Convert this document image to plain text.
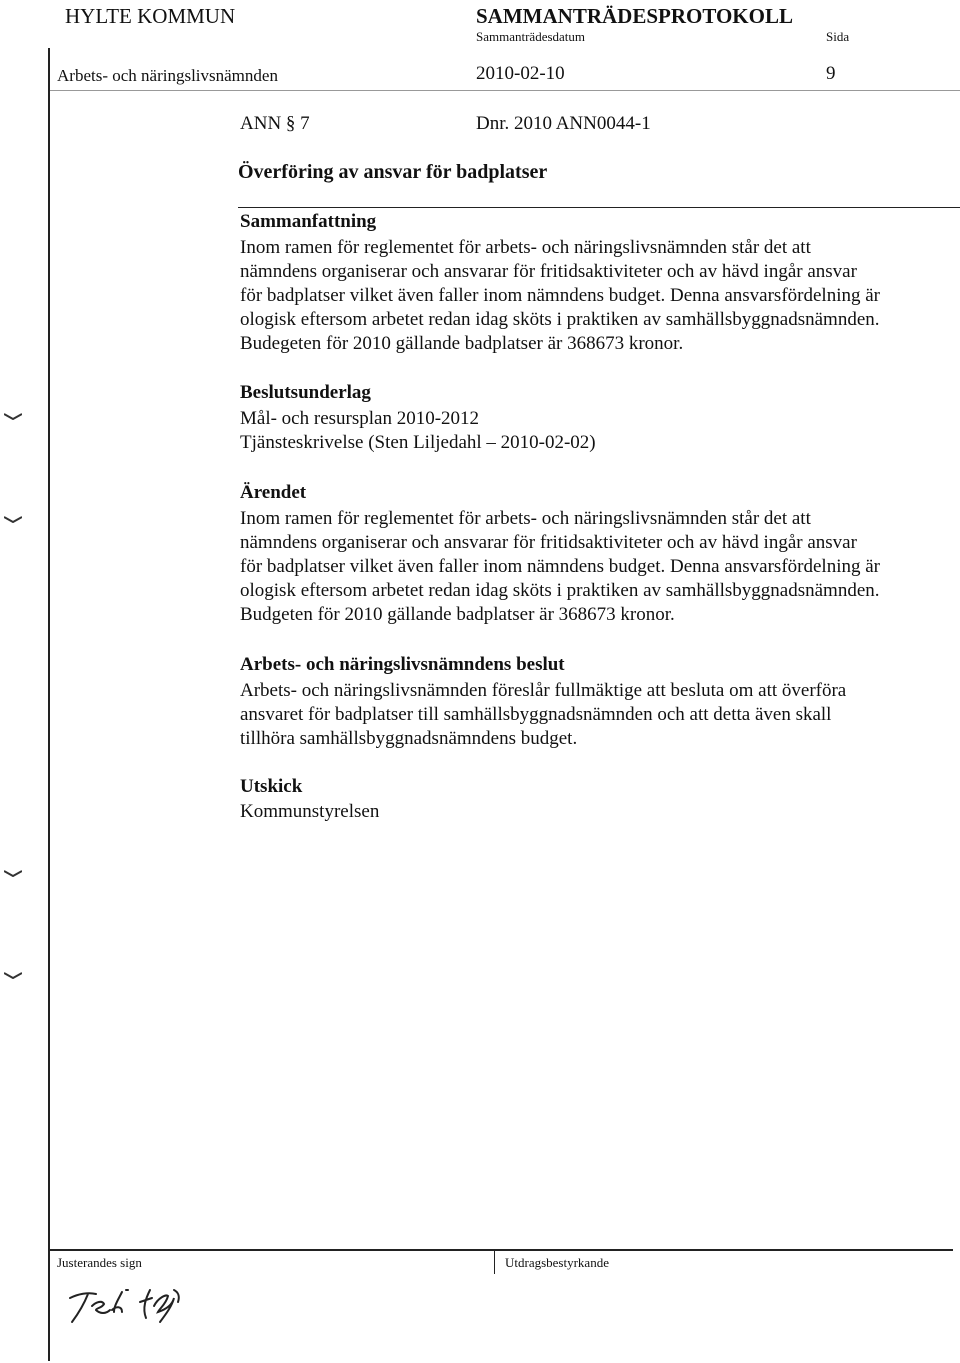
HYLTE KOMMUN	SAMMANTRÄDESPROTOKOLL
Sammanträdesdatum	Sida
Arbets- och näringslivsnämnden	2010-02-10	9
ANN § 7	Dnr. 2010 ANN0044-1
Överföring av ansvar för badplatser
Sammanfattning
Inom ramen för reglementet för arbets- och näringslivsnämnden står det att
nämndens organiserar och ansvarar för fritidsaktiviteter och av hävd ingår ansvar
för badplatser vilket även faller inom nämndens budget. Denna ansvarsfördelning är
ologisk eftersom arbetet redan idag sköts i praktiken av samhällsbyggnadsnämnden.
Budegeten för 2010 gällande badplatser är 368673 kronor.
Beslutsunderlag
Mål- och resursplan 2010-2012
Tjänsteskrivelse (Sten Liljedahl – 2010-02-02)
Ärendet
Inom ramen för reglementet för arbets- och näringslivsnämnden står det att
nämndens organiserar och ansvarar för fritidsaktiviteter och av hävd ingår ansvar
för badplatser vilket även faller inom nämndens budget. Denna ansvarsfördelning är
ologisk eftersom arbetet redan idag sköts i praktiken av samhällsbyggnadsnämnden.
Budgeten för 2010 gällande badplatser är 368673 kronor.
Arbets- och näringslivsnämndens beslut
Arbets- och näringslivsnämnden föreslår fullmäktige att besluta om att överföra
ansvaret för badplatser till samhällsbyggnadsnämnden och att detta även skall
tillhöra samhällsbyggnadsnämndens budget.
Utskick
Kommunstyrelsen
Justerandes sign	Utdragsbestyrkande
